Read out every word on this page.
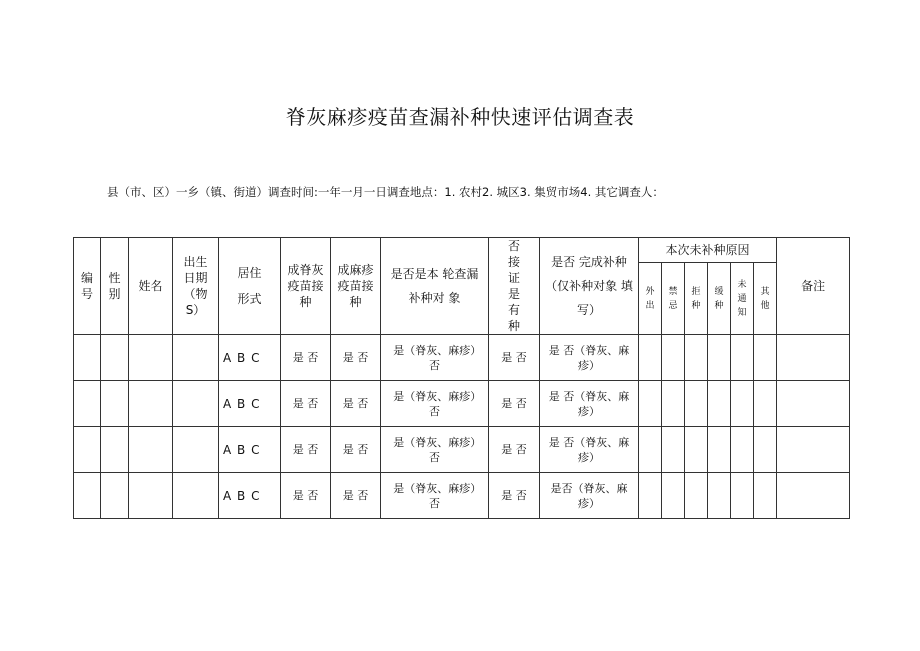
脊灰麻疹疫苗查漏补种快速评估调查表
县（市、区）一乡（镇、街道）调查时间:一年一月一日调查地点：1. 农村2. 城区3. 集贸市场4. 其它调查人：
编号	性别	姓名	出生日期（物S）	居住形式	成脊灰疫苗接种	成麻疹疫苗接种	是否是本 轮查漏补种对 象	否接证是有种	是否 完成补种（仅补种对象 填写）	本次未补种原因						备注
										外出	禁忌	拒种	缓种	未通知	其他	
				A B C	是 否	是 否	是（脊灰、麻疹）否	是 否	是 否（脊灰、麻疹）							
				A B C	是 否	是 否	是（脊灰、麻疹）否	是 否	是 否（脊灰、麻疹）							
				A B C	是 否	是 否	是（脊灰、麻疹）否	是 否	是 否（脊灰、麻疹）							
				A B C	是 否	是 否	是（脊灰、麻疹）否	是 否	是否（脊灰、麻疹）							
